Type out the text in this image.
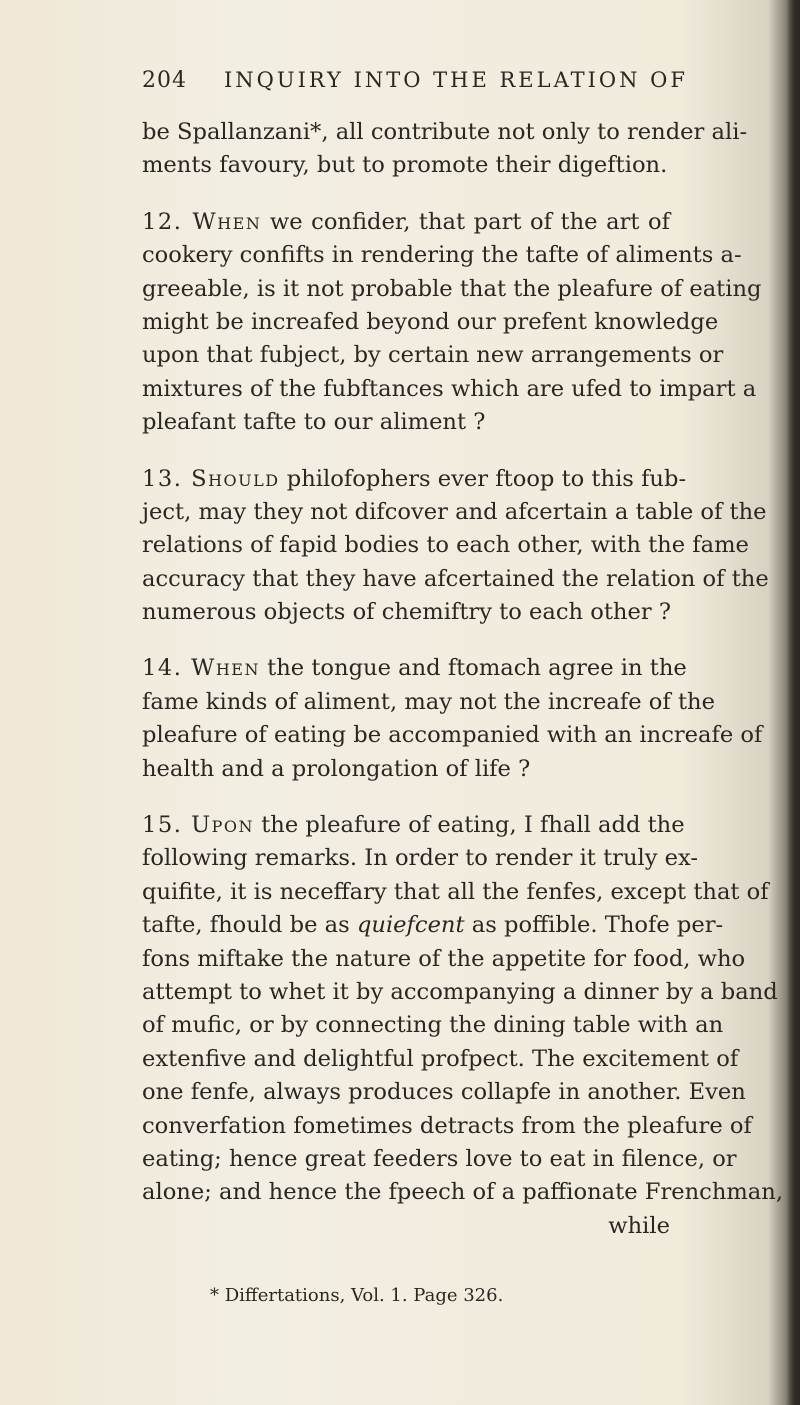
204 INQUIRY INTO THE RELATION OF
be Spallanzani*, all contribute not only to render ali-
ments favoury, but to promote their digeftion.
12. When we confider, that part of the art of
cookery confifts in rendering the tafte of aliments a-
greeable, is it not probable that the pleafure of eating
might be increafed beyond our prefent knowledge
upon that fubject, by certain new arrangements or
mixtures of the fubftances which are ufed to impart a
pleafant tafte to our aliment ?
13. Should philofophers ever ftoop to this fub-
ject, may they not difcover and afcertain a table of the
relations of fapid bodies to each other, with the fame
accuracy that they have afcertained the relation of the
numerous objects of chemiftry to each other ?
14. When the tongue and ftomach agree in the
fame kinds of aliment, may not the increafe of the
pleafure of eating be accompanied with an increafe of
health and a prolongation of life ?
15. Upon the pleafure of eating, I fhall add the
following remarks. In order to render it truly ex-
quifite, it is neceffary that all the fenfes, except that of
tafte, fhould be as quiefcent as poffible. Thofe per-
fons miftake the nature of the appetite for food, who
attempt to whet it by accompanying a dinner by a band
of mufic, or by connecting the dining table with an
extenfive and delightful profpect. The excitement of
one fenfe, always produces collapfe in another. Even
converfation fometimes detracts from the pleafure of
eating; hence great feeders love to eat in filence, or
alone; and hence the fpeech of a paffionate Frenchman,
while
* Differtations, Vol. 1. Page 326.
